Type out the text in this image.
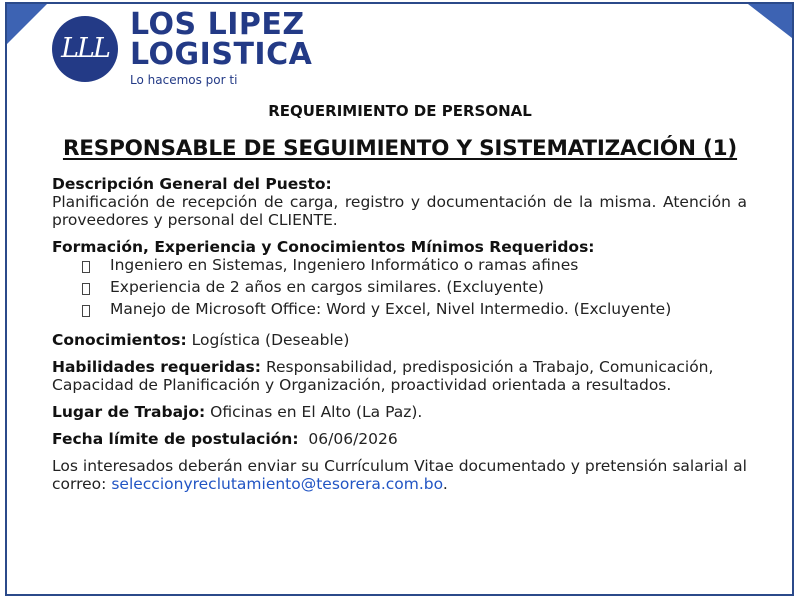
LLL
LOS LIPEZ
LOGISTICA
Lo hacemos por ti
REQUERIMIENTO DE PERSONAL
RESPONSABLE DE SEGUIMIENTO Y SISTEMATIZACIÓN (1)
Descripción General del Puesto:
Planificación de recepción de carga, registro y documentación de la misma. Atención a proveedores y personal del CLIENTE.
Formación, Experiencia y Conocimientos Mínimos Requeridos:
Ingeniero en Sistemas, Ingeniero Informático o ramas afines
Experiencia de 2 años en cargos similares. (Excluyente)
Manejo de Microsoft Office: Word y Excel, Nivel Intermedio. (Excluyente)
Conocimientos: Logística (Deseable)
Habilidades requeridas: Responsabilidad, predisposición a Trabajo, Comunicación, Capacidad de Planificación y Organización, proactividad orientada a resultados.
Lugar de Trabajo: Oficinas en El Alto (La Paz).
Fecha límite de postulación: 06/06/2026
Los interesados deberán enviar su Currículum Vitae documentado y pretensión salarial al correo: seleccionyreclutamiento@tesorera.com.bo.
